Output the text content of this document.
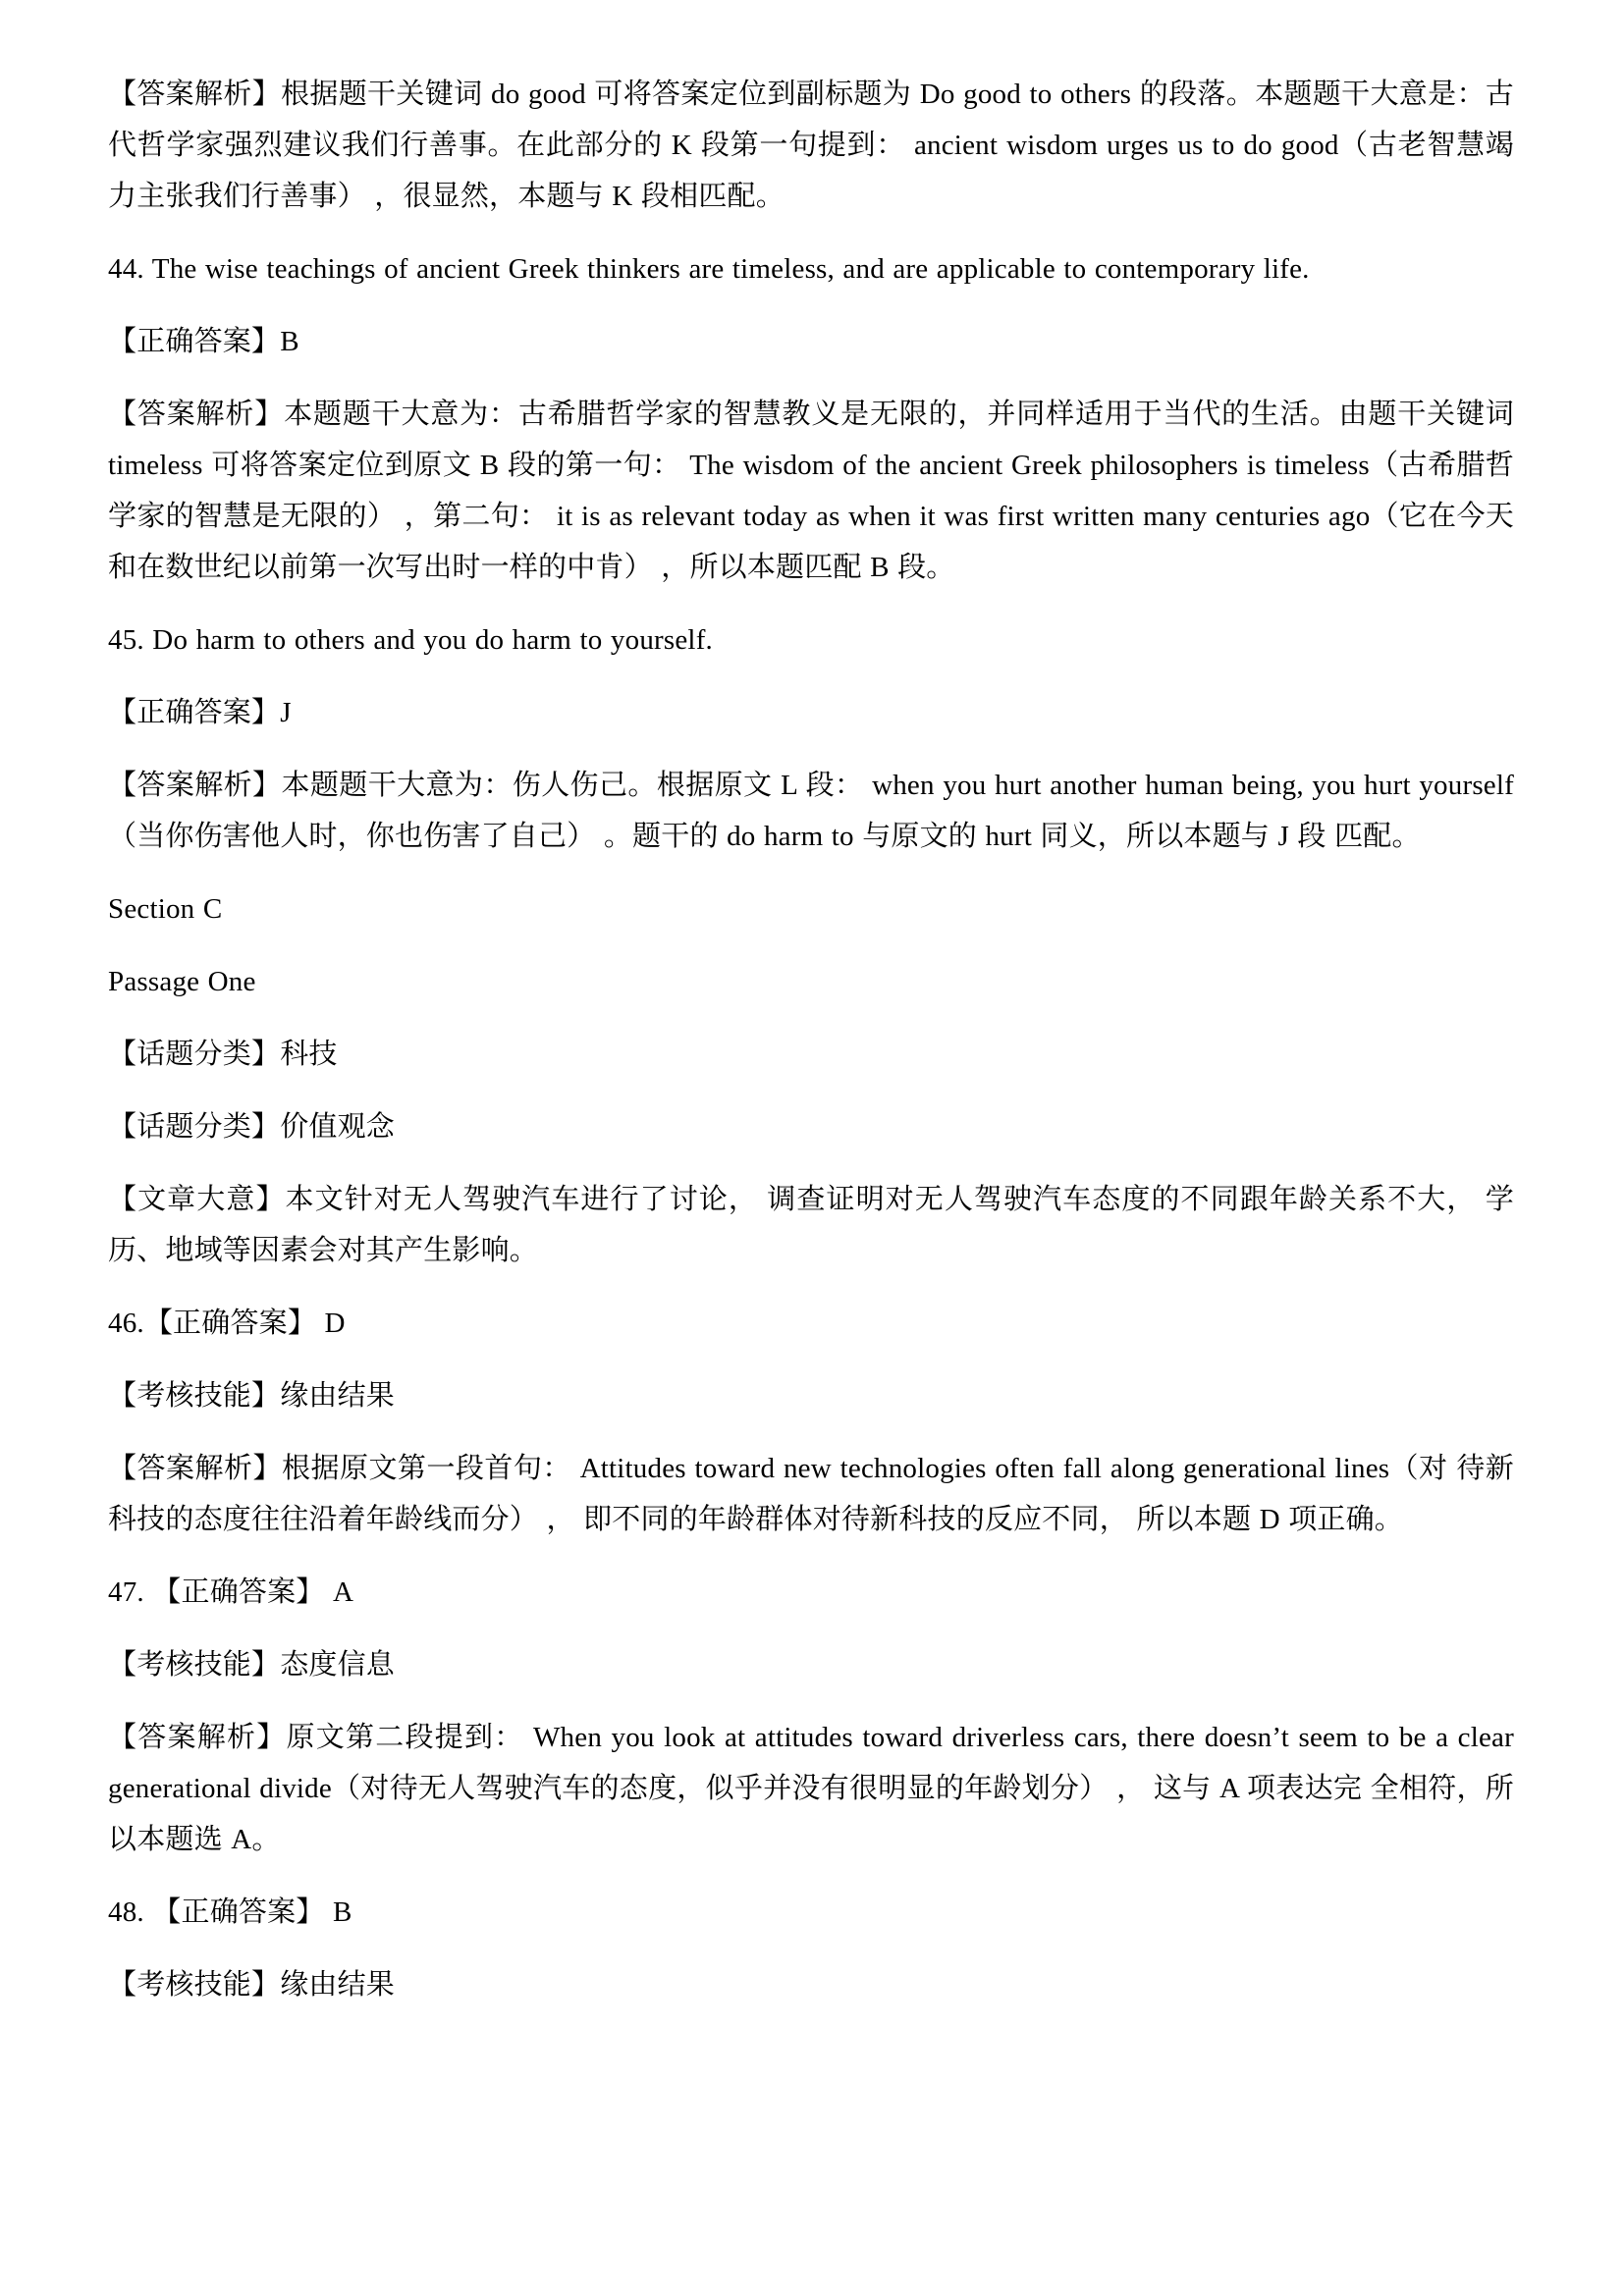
【答案解析】根据题干关键词 do good 可将答案定位到副标题为 Do good to others 的段落。本题题干大意是：古代哲学家强烈建议我们行善事。在此部分的 K 段第一句提到： ancient wisdom urges us to do good（古老智慧竭力主张我们行善事） ，很显然，本题与 K 段相匹配。

44. The wise teachings of ancient Greek thinkers are timeless, and are applicable to contemporary life.

【正确答案】B

【答案解析】本题题干大意为：古希腊哲学家的智慧教义是无限的，并同样适用于当代的生活。由题干关键词 timeless 可将答案定位到原文 B 段的第一句： The wisdom of the ancient Greek philosophers is timeless（古希腊哲学家的智慧是无限的） ，第二句： it is as relevant today as when it was first written many centuries ago（它在今天和在数世纪以前第一次写出时一样的中肯） ，所以本题匹配 B 段。

45. Do harm to others and you do harm to yourself.

【正确答案】J

【答案解析】本题题干大意为：伤人伤己。根据原文 L 段： when you hurt another human being, you hurt yourself（当你伤害他人时，你也伤害了自己） 。题干的 do harm to 与原文的 hurt 同义，所以本题与 J 段 匹配。

Section C

Passage One

【话题分类】科技

【话题分类】价值观念

【文章大意】本文针对无人驾驶汽车进行了讨论， 调查证明对无人驾驶汽车态度的不同跟年龄关系不大， 学历、地域等因素会对其产生影响。

46.【正确答案】 D

【考核技能】缘由结果

【答案解析】根据原文第一段首句： Attitudes toward new technologies often fall along generational lines（对 待新科技的态度往往沿着年龄线而分） ， 即不同的年龄群体对待新科技的反应不同， 所以本题 D 项正确。

47. 【正确答案】 A

【考核技能】态度信息

【答案解析】原文第二段提到： When you look at attitudes toward driverless cars, there doesn’t seem to be a clear generational divide（对待无人驾驶汽车的态度，似乎并没有很明显的年龄划分） ， 这与 A 项表达完 全相符，所以本题选 A。

48. 【正确答案】 B

【考核技能】缘由结果
